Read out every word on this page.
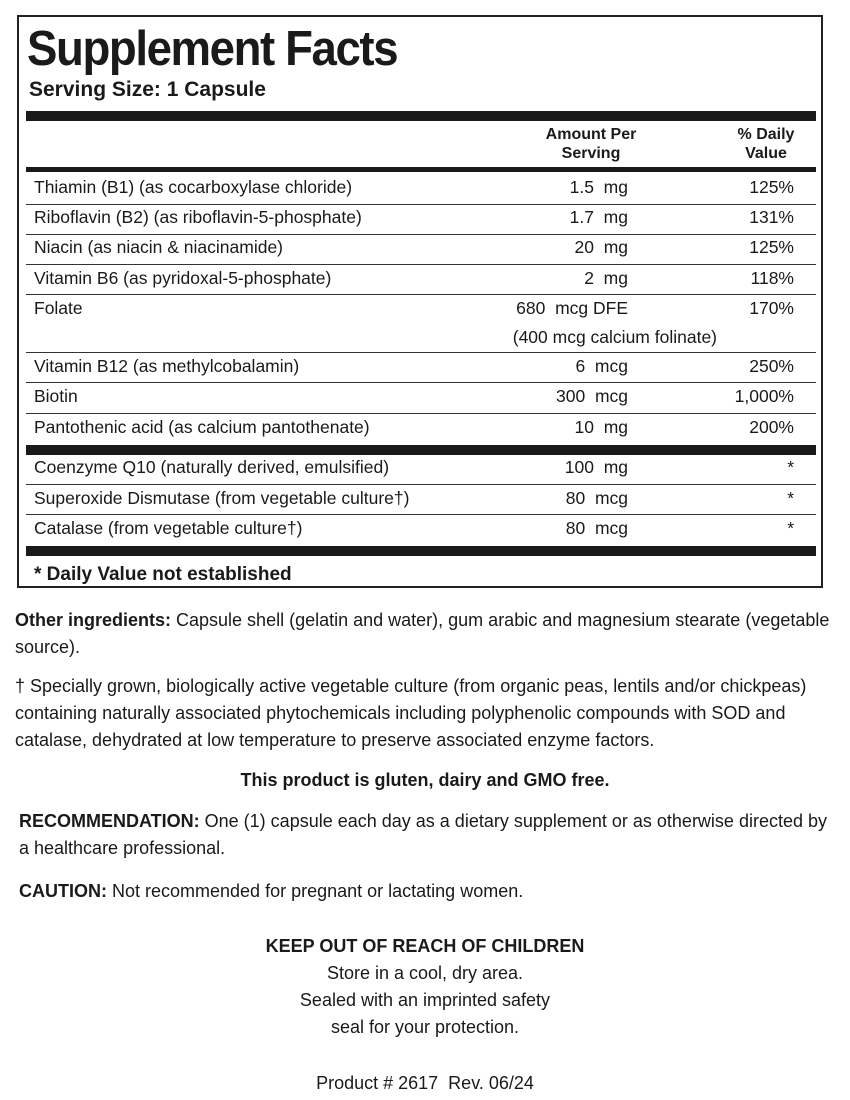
Supplement Facts
Serving Size: 1 Capsule
Amount Per
Serving
% Daily
Value
Thiamin (B1) (as cocarboxylase chloride)	1.5  mg	125%
Riboflavin (B2) (as riboflavin-5-phosphate)	1.7  mg	131%
Niacin (as niacin & niacinamide)	20  mg	125%
Vitamin B6 (as pyridoxal-5-phosphate)	2  mg	118%
Folate	680  mcg DFE	170%
(400 mcg calcium folinate)
Vitamin B12 (as methylcobalamin)	6  mcg	250%
Biotin	300  mcg	1,000%
Pantothenic acid (as calcium pantothenate)	10  mg	200%
Coenzyme Q10 (naturally derived, emulsified)	100  mg	*
Superoxide Dismutase (from vegetable culture†)	80  mcg	*
Catalase (from vegetable culture†)	80  mcg	*
* Daily Value not established
Other ingredients: Capsule shell (gelatin and water), gum arabic and magnesium stearate (vegetable source).
† Specially grown, biologically active vegetable culture (from organic peas, lentils and/or chickpeas) containing naturally associated phytochemicals including polyphenolic compounds with SOD and catalase, dehydrated at low temperature to preserve associated enzyme factors.
This product is gluten, dairy and GMO free.
RECOMMENDATION: One (1) capsule each day as a dietary supplement or as otherwise directed by a healthcare professional.
CAUTION: Not recommended for pregnant or lactating women.
KEEP OUT OF REACH OF CHILDREN
Store in a cool, dry area.
Sealed with an imprinted safety
seal for your protection.
Product # 2617  Rev. 06/24
